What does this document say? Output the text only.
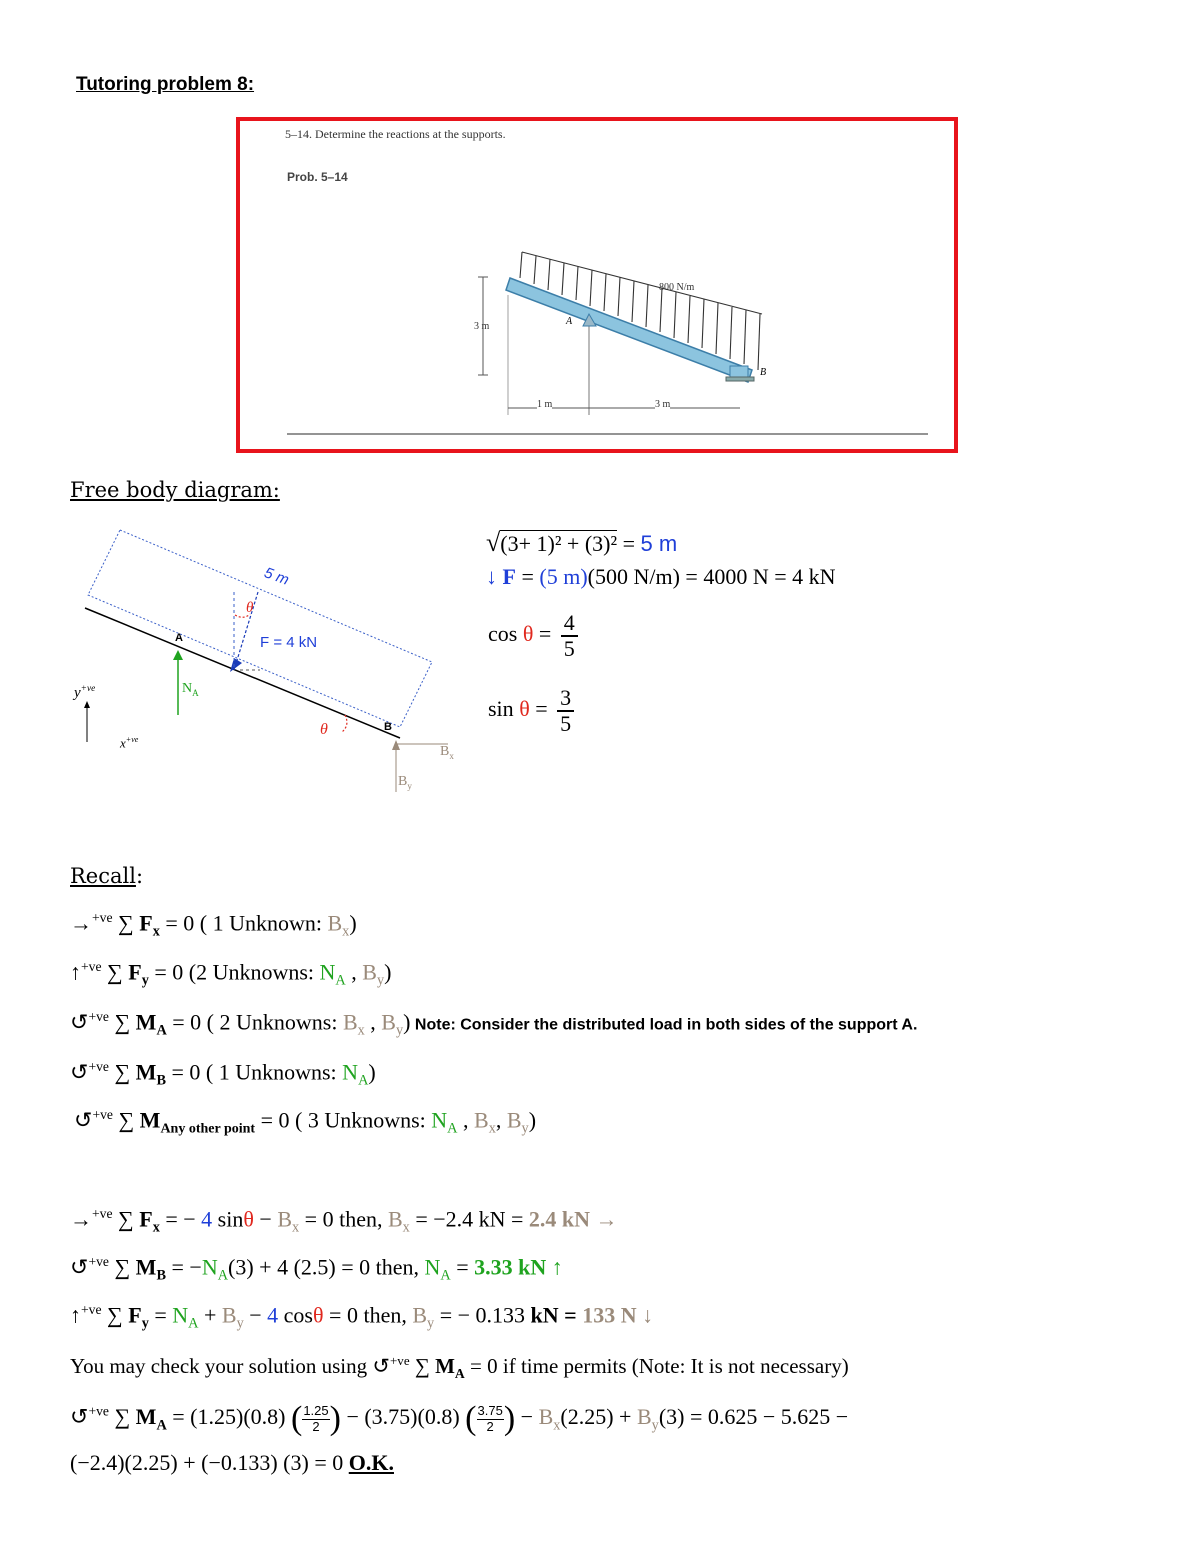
Tutoring problem 8:
5–14. Determine the reactions at the supports.
Prob. 5–14
800 N/m
3 m
1 m	3 m
A
B
Free body diagram:
5 m
θ
F = 4 kN
A
B
θ
$N_A$
$B_x$
$B_y$
$y^{+ve}$
$x^{+ve}$
√(3+ 1)² + (3)² = 5 m
↓ F = (5 m)(500 N/m) = 4000 N = 4 kN
$\cos \theta = \frac{4}{5}$
$\sin \theta = \frac{3}{5}$
Recall:
→$^{+ve}$ ∑ $F_x = 0$ ( 1 Unknown: $B_x$)
↑$^{+ve}$ ∑ $F_y = 0$ (2 Unknowns: $N_A$ , $B_y$)
↺$^{+ve}$ ∑ $M_A = 0$ ( 2 Unknowns: $B_x$ , $B_y$) Note: Consider the distributed load in both sides of the support A.
↺$^{+ve}$ ∑ $M_B = 0$ ( 1 Unknowns: $N_A$)
↺$^{+ve}$ ∑ $M_{Any other point} = 0$ ( 3 Unknowns: $N_A$ , $B_x$, $B_y$)
→$^{+ve}$ ∑ $F_x$ = − 4 $\sin\theta - B_x = 0$ then, $B_x = -2.4$ kN = 2.4 kN →
↺$^{+ve}$ ∑ $M_B = -N_A(3) + 4$ (2.5) = 0 then, $N_A = 3.33$ kN ↑
↑$^{+ve}$ ∑ $F_y = N_A + B_y - 4$ cosθ = 0 then, $B_y$ = − 0.133 kN = 133 N ↓
You may check your solution using ↺$^{+ve}$ ∑ $M_A = 0$ if time permits (Note: It is not necessary)
↺$^{+ve}$ ∑ $M_A = (1.25)(0.8)$ ( $\frac{1.25}{2}$ ) − (3.75)(0.8) ( $\frac{3.75}{2}$ ) − $B_x(2.25) + B_y(3) = 0.625 - 5.625$ −
(−2.4)(2.25) + (−0.133) (3) = 0 O.K.
